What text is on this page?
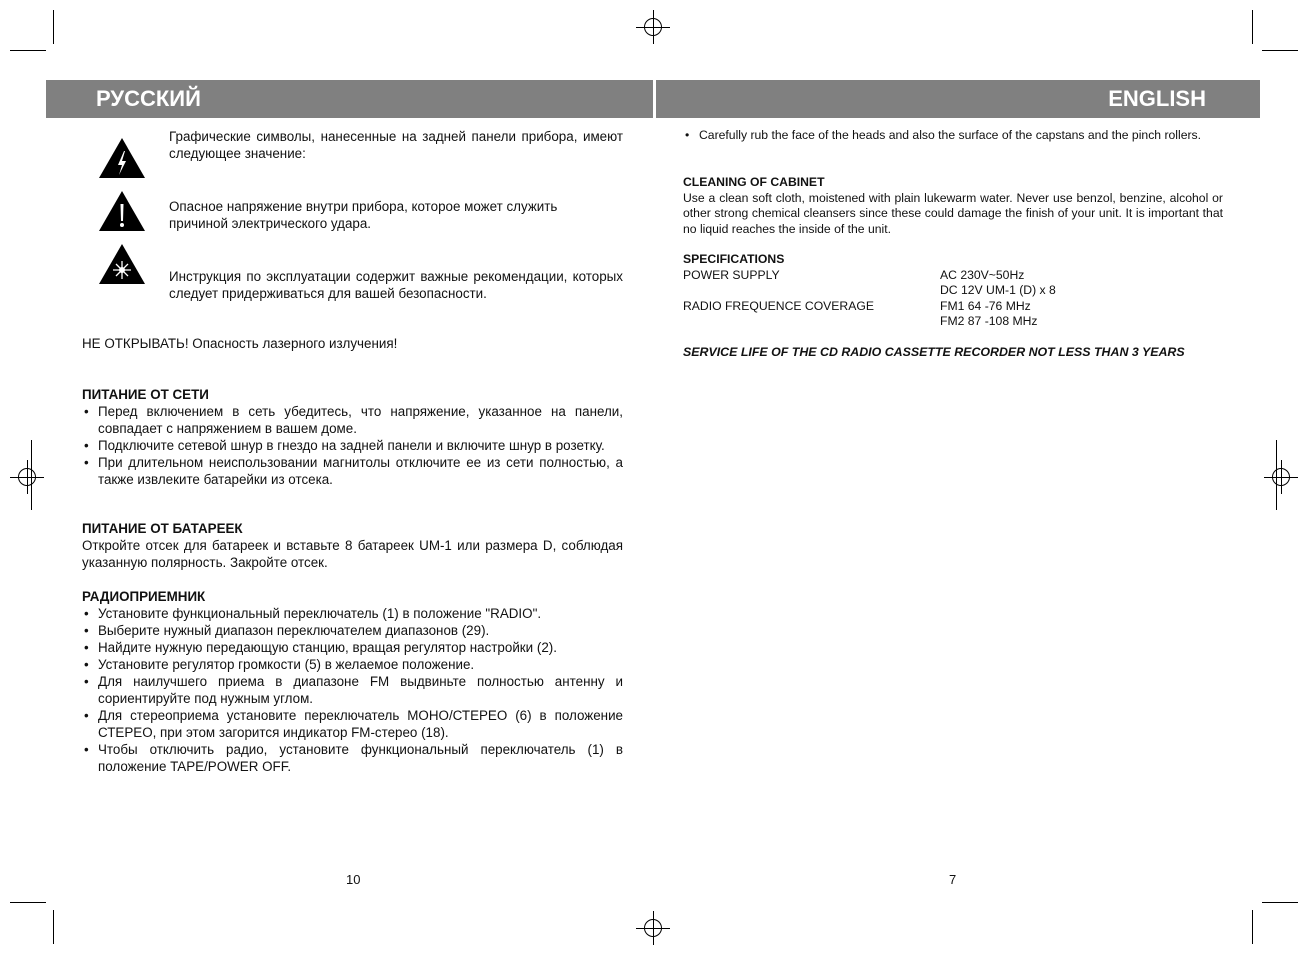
РУССКИЙ	ENGLISH
Графические символы, нанесенные на задней панели прибора, имеют следующее значение:
Опасное напряжение внутри прибора, которое может служить причиной электрического удара.
Инструкция по эксплуатации содержит важные рекомендации, которых следует придерживаться для вашей безопасности.
НЕ ОТКРЫВАТЬ! Опасность лазерного излучения!
ПИТАНИЕ ОТ СЕТИ
• Перед включением в сеть убедитесь, что напряжение, указанное на панели, совпадает с напряжением в вашем доме.
• Подключите сетевой шнур в гнездо на задней панели и включите шнур в розетку.
• При длительном неиспользовании магнитолы отключите ее из сети полностью, а также извлеките батарейки из отсека.
ПИТАНИЕ ОТ БАТАРЕЕК
Откройте отсек для батареек и вставьте 8 батареек UM-1 или размера D, соблюдая указанную полярность. Закройте отсек.
РАДИОПРИЕМНИК
• Установите функциональный переключатель (1) в положение "RADIO".
• Выберите нужный диапазон переключателем диапазонов (29).
• Найдите нужную передающую станцию, вращая регулятор настройки (2).
• Установите регулятор громкости (5) в желаемое положение.
• Для наилучшего приема в диапазоне FM выдвиньте полностью антенну и сориентируйте под нужным углом.
• Для стереоприема установите переключатель МОНО/СТЕРЕО (6) в положение СТЕРЕО, при этом загорится индикатор FM-стерео (18).
• Чтобы отключить радио, установите функциональный переключатель (1) в положение TAPE/POWER OFF.
10
• Carefully rub the face of the heads and also the surface of the capstans and the pinch rollers.
CLEANING OF CABINET
Use a clean soft cloth, moistened with plain lukewarm water. Never use benzol, benzine, alcohol or other strong chemical cleansers since these could damage the finish of your unit. It is important that no liquid reaches the inside of the unit.
SPECIFICATIONS
POWER SUPPLY	AC 230V~50Hz
DC 12V UM-1 (D) x 8
RADIO FREQUENCE COVERAGE	FM1 64 -76 MHz
FM2 87 -108 MHz
SERVICE LIFE OF THE CD RADIO CASSETTE RECORDER NOT LESS THAN 3 YEARS
7
